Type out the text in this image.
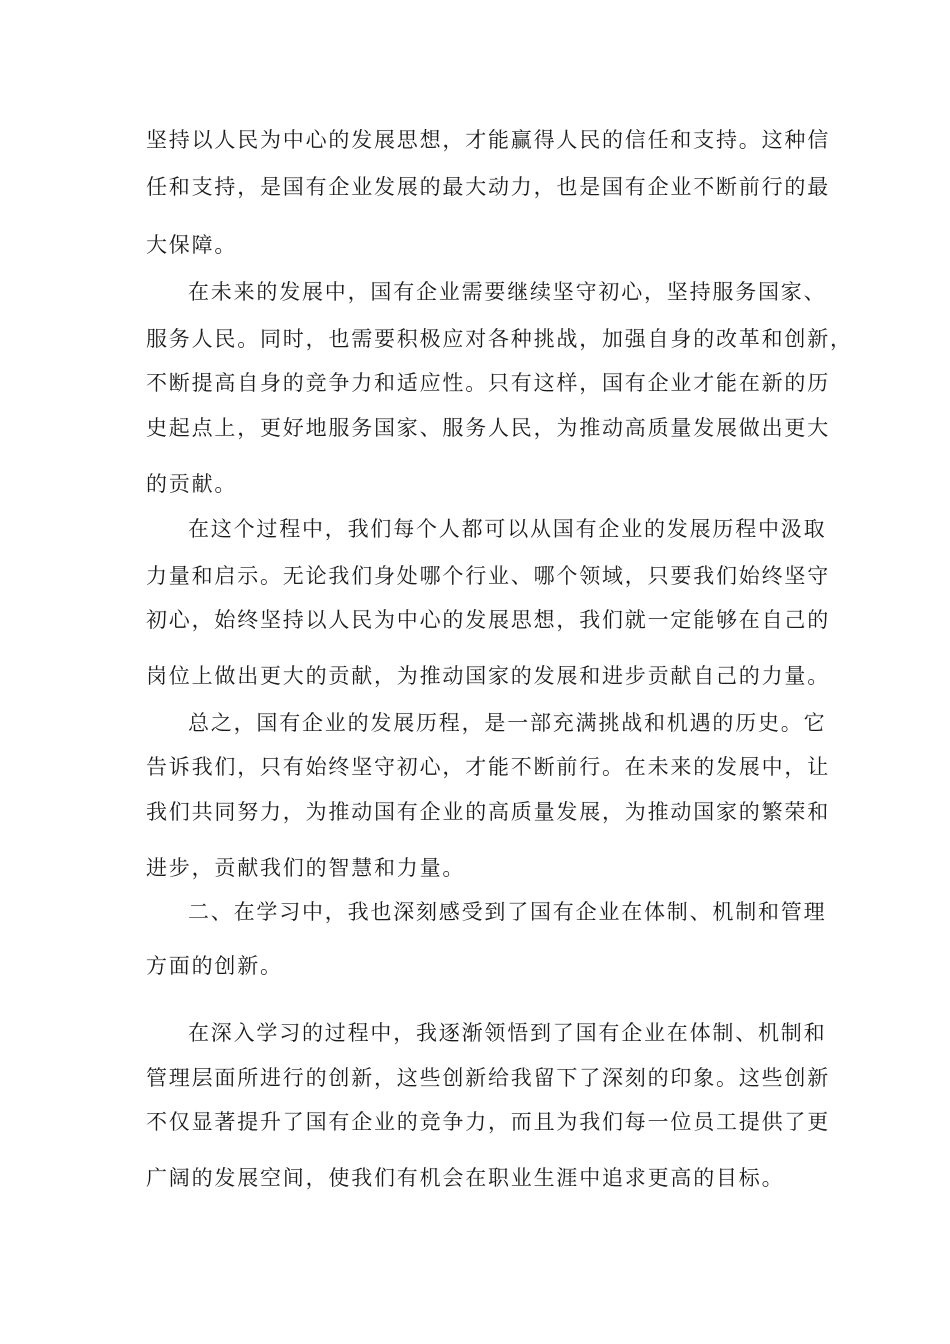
坚持以人民为中心的发展思想，才能赢得人民的信任和支持。这种信
任和支持，是国有企业发展的最大动力，也是国有企业不断前行的最
大保障。
在未来的发展中，国有企业需要继续坚守初心，坚持服务国家、
服务人民。同时，也需要积极应对各种挑战，加强自身的改革和创新，
不断提高自身的竞争力和适应性。只有这样，国有企业才能在新的历
史起点上，更好地服务国家、服务人民，为推动高质量发展做出更大
的贡献。
在这个过程中，我们每个人都可以从国有企业的发展历程中汲取
力量和启示。无论我们身处哪个行业、哪个领域，只要我们始终坚守
初心，始终坚持以人民为中心的发展思想，我们就一定能够在自己的
岗位上做出更大的贡献，为推动国家的发展和进步贡献自己的力量。
总之，国有企业的发展历程，是一部充满挑战和机遇的历史。它
告诉我们，只有始终坚守初心，才能不断前行。在未来的发展中，让
我们共同努力，为推动国有企业的高质量发展，为推动国家的繁荣和
进步，贡献我们的智慧和力量。
二、在学习中，我也深刻感受到了国有企业在体制、机制和管理
方面的创新。
在深入学习的过程中，我逐渐领悟到了国有企业在体制、机制和
管理层面所进行的创新，这些创新给我留下了深刻的印象。这些创新
不仅显著提升了国有企业的竞争力，而且为我们每一位员工提供了更
广阔的发展空间，使我们有机会在职业生涯中追求更高的目标。
